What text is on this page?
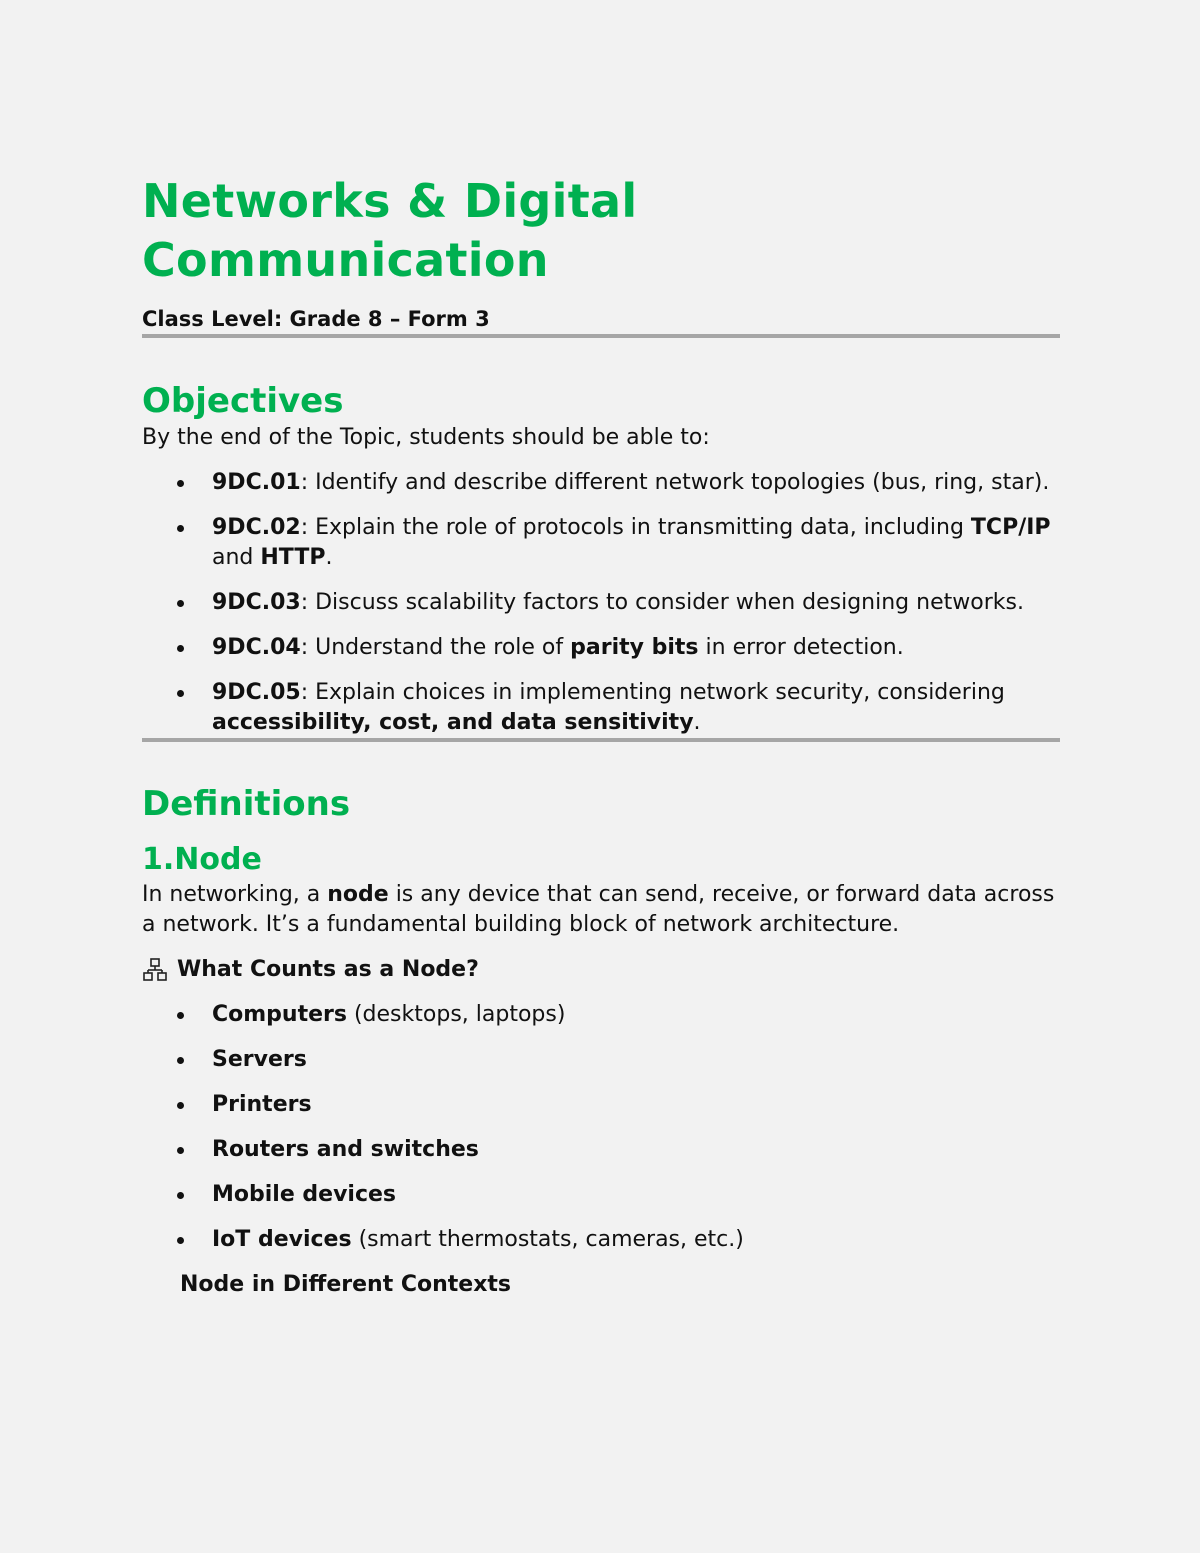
Networks & Digital
Communication
Class Level: Grade 8 – Form 3
Objectives

By the end of the Topic, students should be able to:

9DC.01: Identify and describe different network topologies (bus, ring, star).
9DC.02: Explain the role of protocols in transmitting data, including TCP/IP and HTTP.
9DC.03: Discuss scalability factors to consider when designing networks.
9DC.04: Understand the role of parity bits in error detection.
9DC.05: Explain choices in implementing network security, considering accessibility, cost, and data sensitivity.
Definitions
1.Node

In networking, a node is any device that can send, receive, or forward data across a network. It’s a fundamental building block of network architecture.

What Counts as a Node?
Computers (desktops, laptops)
Servers
Printers
Routers and switches
Mobile devices
IoT devices (smart thermostats, cameras, etc.)
Node in Different Contexts
